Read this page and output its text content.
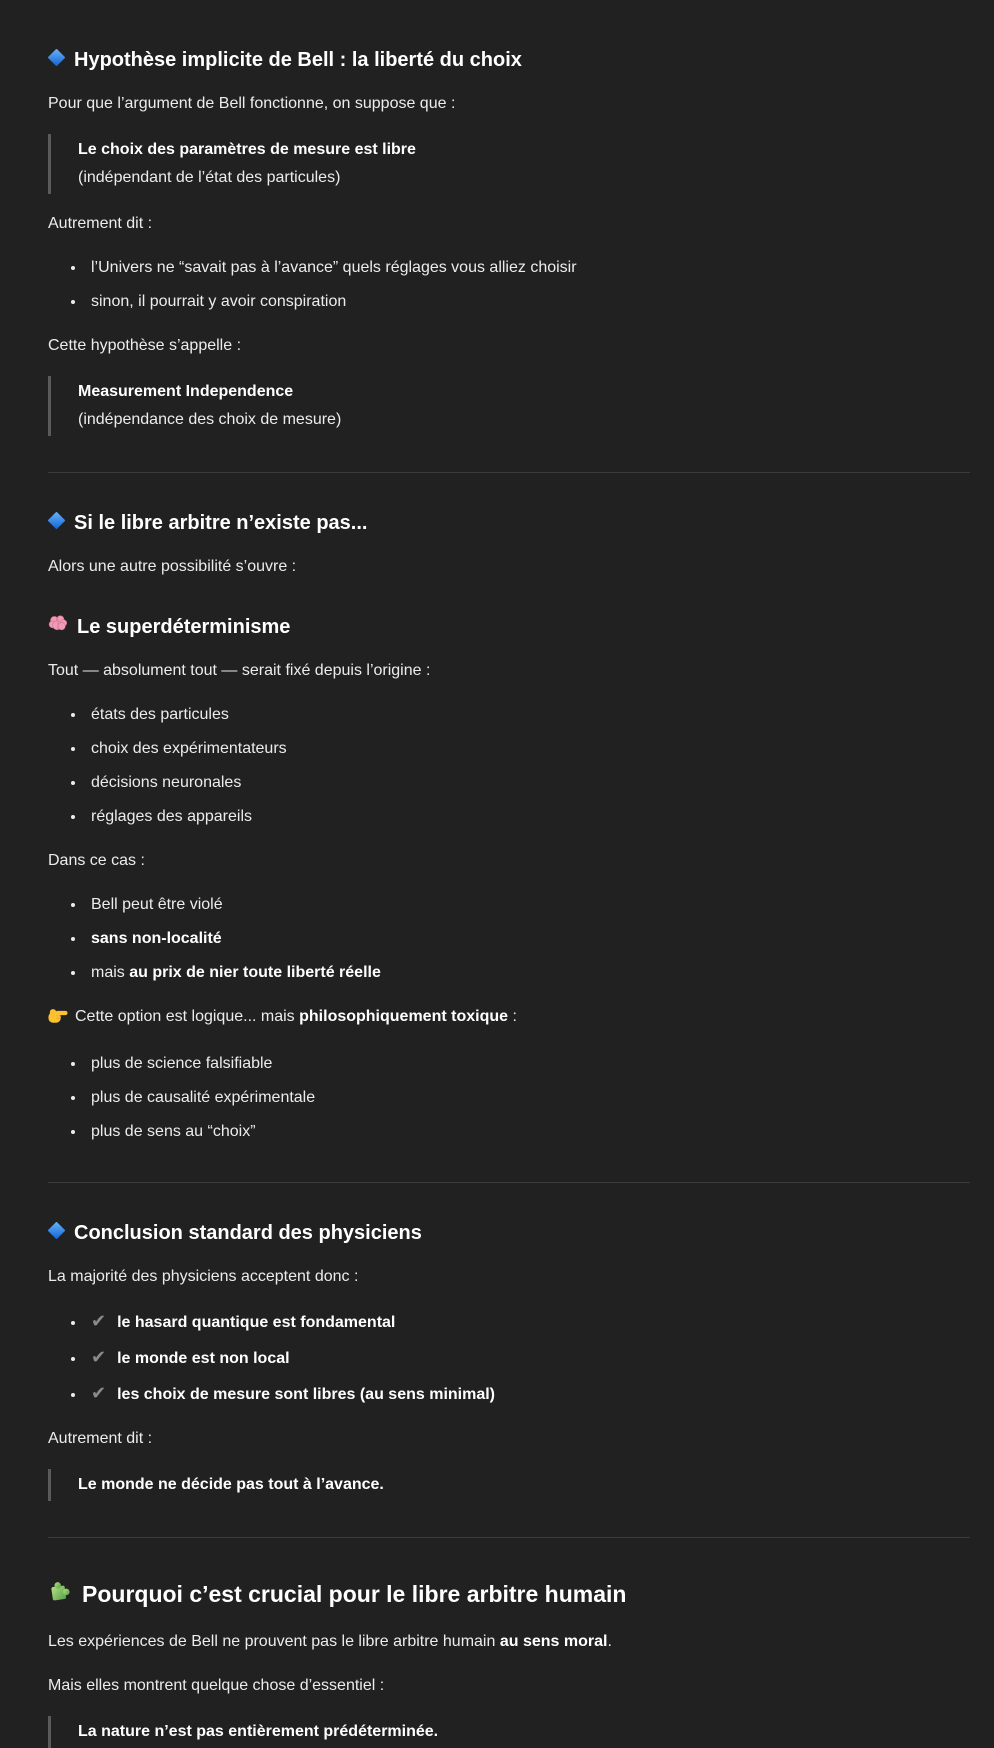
Hypothèse implicite de Bell : la liberté du choix

Pour que l’argument de Bell fonctionne, on suppose que :

Le choix des paramètres de mesure est libre
(indépendant de l’état des particules)

Autrement dit :

• l’Univers ne “savait pas à l’avance” quels réglages vous alliez choisir
• sinon, il pourrait y avoir conspiration

Cette hypothèse s’appelle :

Measurement Independence
(indépendance des choix de mesure)
Si le libre arbitre n’existe pas...

Alors une autre possibilité s’ouvre :

Le superdéterminisme

Tout — absolument tout — serait fixé depuis l’origine :

• états des particules
• choix des expérimentateurs
• décisions neuronales
• réglages des appareils

Dans ce cas :

• Bell peut être violé
• sans non-localité
• mais au prix de nier toute liberté réelle

Cette option est logique... mais philosophiquement toxique :

• plus de science falsifiable
• plus de causalité expérimentale
• plus de sens au “choix”
Conclusion standard des physiciens

La majorité des physiciens acceptent donc :

• ✔ le hasard quantique est fondamental
• ✔ le monde est non local
• ✔ les choix de mesure sont libres (au sens minimal)

Autrement dit :

Le monde ne décide pas tout à l’avance.
Pourquoi c’est crucial pour le libre arbitre humain

Les expériences de Bell ne prouvent pas le libre arbitre humain au sens moral.

Mais elles montrent quelque chose d’essentiel :

La nature n’est pas entièrement prédéterminée.
